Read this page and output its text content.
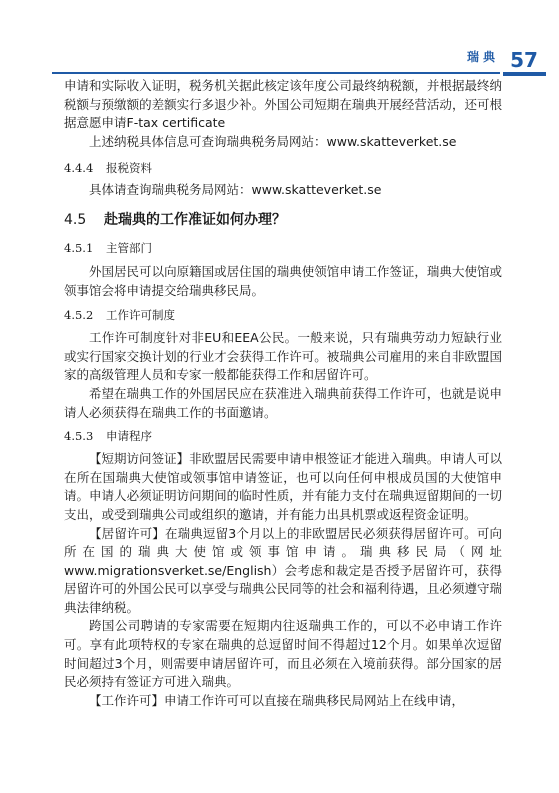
瑞典 57

申请和实际收入证明，税务机关据此核定该年度公司最终纳税额，并根据最终纳税额与预缴额的差额实行多退少补。外国公司短期在瑞典开展经营活动，还可根据意愿申请F-tax certificate

上述纳税具体信息可查询瑞典税务局网站：www.skatteverket.se

4.4.4 报税资料

具体请查询瑞典税务局网站：www.skatteverket.se

4.5 赴瑞典的工作准证如何办理？

4.5.1 主管部门

外国居民可以向原籍国或居住国的瑞典使领馆申请工作签证，瑞典大使馆或领事馆会将申请提交给瑞典移民局。

4.5.2 工作许可制度

工作许可制度针对非EU和EEA公民。一般来说，只有瑞典劳动力短缺行业或实行国家交换计划的行业才会获得工作许可。被瑞典公司雇用的来自非欧盟国家的高级管理人员和专家一般都能获得工作和居留许可。

希望在瑞典工作的外国居民应在获准进入瑞典前获得工作许可，也就是说申请人必须获得在瑞典工作的书面邀请。

4.5.3 申请程序

【短期访问签证】非欧盟居民需要申请申根签证才能进入瑞典。申请人可以在所在国瑞典大使馆或领事馆申请签证，也可以向任何申根成员国的大使馆申请。申请人必须证明访问期间的临时性质，并有能力支付在瑞典逗留期间的一切支出，或受到瑞典公司或组织的邀请，并有能力出具机票或返程资金证明。

【居留许可】在瑞典逗留3个月以上的非欧盟居民必须获得居留许可。可向所在国的瑞典大使馆或领事馆申请。瑞典移民局（网址www.migrationsverket.se/English）会考虑和裁定是否授予居留许可，获得居留许可的外国公民可以享受与瑞典公民同等的社会和福利待遇，且必须遵守瑞典法律纳税。

跨国公司聘请的专家需要在短期内往返瑞典工作的，可以不必申请工作许可。享有此项特权的专家在瑞典的总逗留时间不得超过12个月。如果单次逗留时间超过3个月，则需要申请居留许可，而且必须在入境前获得。部分国家的居民必须持有签证方可进入瑞典。

【工作许可】申请工作许可可以直接在瑞典移民局网站上在线申请，
